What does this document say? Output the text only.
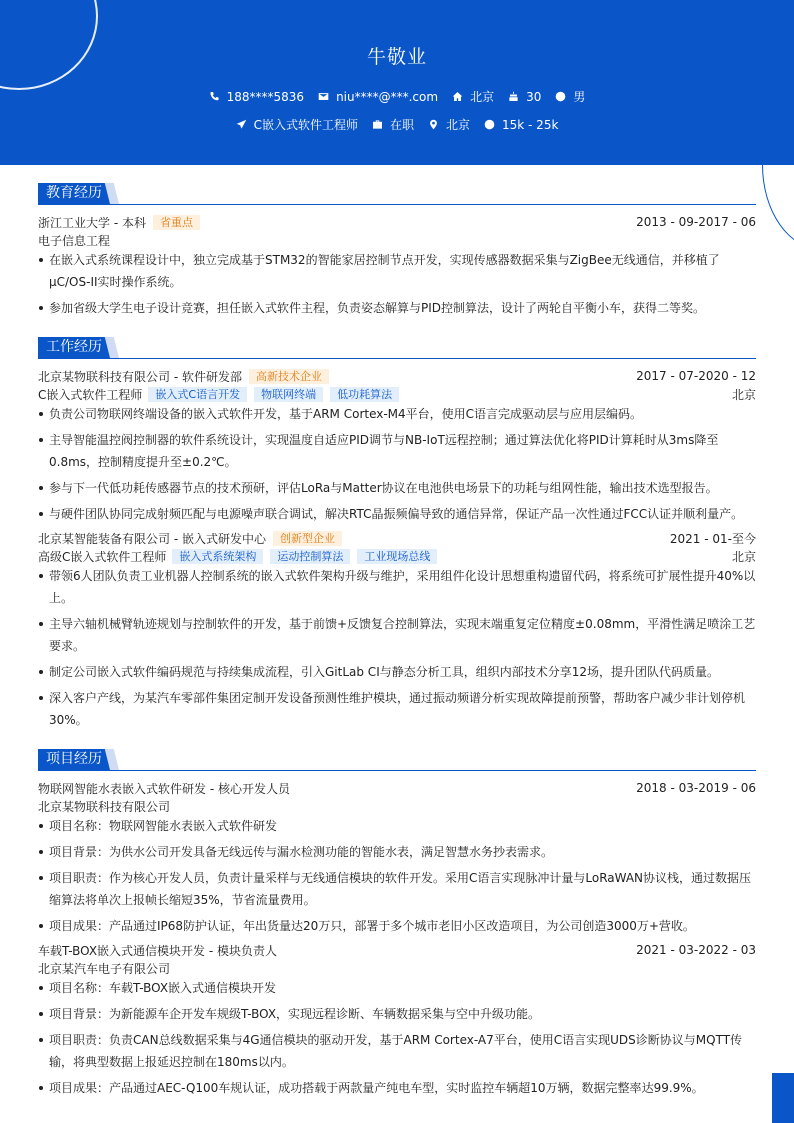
牛敬业
188****5836	niu****@***.com	北京	30	男
C嵌入式软件工程师	在职	北京	15k - 25k
教育经历
浙江工业大学 - 本科	省重点	2013 - 09-2017 - 06
电子信息工程
在嵌入式系统课程设计中，独立完成基于STM32的智能家居控制节点开发，实现传感器数据采集与ZigBee无线通信，并移植了μC/OS-II实时操作系统。
参加省级大学生电子设计竞赛，担任嵌入式软件主程，负责姿态解算与PID控制算法，设计了两轮自平衡小车，获得二等奖。
工作经历
北京某物联科技有限公司 - 软件研发部	高新技术企业	2017 - 07-2020 - 12
C嵌入式软件工程师	嵌入式C语言开发	物联网终端	低功耗算法	北京
负责公司物联网终端设备的嵌入式软件开发，基于ARM Cortex-M4平台，使用C语言完成驱动层与应用层编码。
主导智能温控阀控制器的软件系统设计，实现温度自适应PID调节与NB-IoT远程控制；通过算法优化将PID计算耗时从3ms降至0.8ms，控制精度提升至±0.2℃。
参与下一代低功耗传感器节点的技术预研，评估LoRa与Matter协议在电池供电场景下的功耗与组网性能，输出技术选型报告。
与硬件团队协同完成射频匹配与电源噪声联合调试，解决RTC晶振频偏导致的通信异常，保证产品一次性通过FCC认证并顺利量产。
北京某智能装备有限公司 - 嵌入式研发中心	创新型企业	2021 - 01-至今
高级C嵌入式软件工程师	嵌入式系统架构	运动控制算法	工业现场总线	北京
带领6人团队负责工业机器人控制系统的嵌入式软件架构升级与维护，采用组件化设计思想重构遗留代码，将系统可扩展性提升40%以上。
主导六轴机械臂轨迹规划与控制软件的开发，基于前馈+反馈复合控制算法，实现末端重复定位精度±0.08mm，平滑性满足喷涂工艺要求。
制定公司嵌入式软件编码规范与持续集成流程，引入GitLab CI与静态分析工具，组织内部技术分享12场，提升团队代码质量。
深入客户产线，为某汽车零部件集团定制开发设备预测性维护模块，通过振动频谱分析实现故障提前预警，帮助客户减少非计划停机30%。
项目经历
物联网智能水表嵌入式软件研发 - 核心开发人员	2018 - 03-2019 - 06
北京某物联科技有限公司
项目名称：物联网智能水表嵌入式软件研发
项目背景：为供水公司开发具备无线远传与漏水检测功能的智能水表，满足智慧水务抄表需求。
项目职责：作为核心开发人员，负责计量采样与无线通信模块的软件开发。采用C语言实现脉冲计量与LoRaWAN协议栈，通过数据压缩算法将单次上报帧长缩短35%，节省流量费用。
项目成果：产品通过IP68防护认证，年出货量达20万只，部署于多个城市老旧小区改造项目，为公司创造3000万+营收。
车载T-BOX嵌入式通信模块开发 - 模块负责人	2021 - 03-2022 - 03
北京某汽车电子有限公司
项目名称：车载T-BOX嵌入式通信模块开发
项目背景：为新能源车企开发车规级T-BOX，实现远程诊断、车辆数据采集与空中升级功能。
项目职责：负责CAN总线数据采集与4G通信模块的驱动开发，基于ARM Cortex-A7平台，使用C语言实现UDS诊断协议与MQTT传输，将典型数据上报延迟控制在180ms以内。
项目成果：产品通过AEC-Q100车规认证，成功搭载于两款量产纯电车型，实时监控车辆超10万辆，数据完整率达99.9%。
